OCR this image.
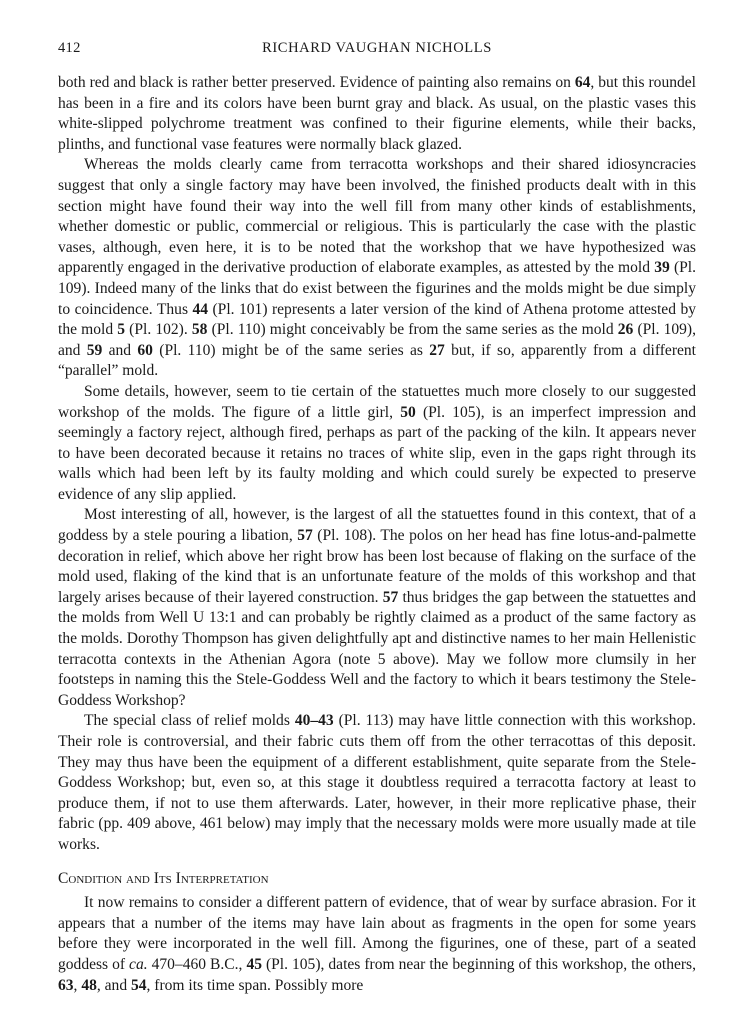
412	RICHARD VAUGHAN NICHOLLS

both red and black is rather better preserved. Evidence of painting also remains on 64, but this roundel has been in a fire and its colors have been burnt gray and black. As usual, on the plastic vases this white-slipped polychrome treatment was confined to their figurine elements, while their backs, plinths, and functional vase features were normally black glazed.

Whereas the molds clearly came from terracotta workshops and their shared idiosyncracies suggest that only a single factory may have been involved, the finished products dealt with in this section might have found their way into the well fill from many other kinds of establishments, whether domestic or public, commercial or religious. This is particularly the case with the plastic vases, although, even here, it is to be noted that the workshop that we have hypothesized was apparently engaged in the derivative production of elaborate examples, as attested by the mold 39 (Pl. 109). Indeed many of the links that do exist between the figurines and the molds might be due simply to coincidence. Thus 44 (Pl. 101) represents a later version of the kind of Athena protome attested by the mold 5 (Pl. 102). 58 (Pl. 110) might conceivably be from the same series as the mold 26 (Pl. 109), and 59 and 60 (Pl. 110) might be of the same series as 27 but, if so, apparently from a different “parallel” mold.

Some details, however, seem to tie certain of the statuettes much more closely to our suggested workshop of the molds. The figure of a little girl, 50 (Pl. 105), is an imperfect impression and seemingly a factory reject, although fired, perhaps as part of the packing of the kiln. It appears never to have been decorated because it retains no traces of white slip, even in the gaps right through its walls which had been left by its faulty molding and which could surely be expected to preserve evidence of any slip applied.

Most interesting of all, however, is the largest of all the statuettes found in this context, that of a goddess by a stele pouring a libation, 57 (Pl. 108). The polos on her head has fine lotus-and-palmette decoration in relief, which above her right brow has been lost because of flaking on the surface of the mold used, flaking of the kind that is an unfortunate feature of the molds of this workshop and that largely arises because of their layered construction. 57 thus bridges the gap between the statuettes and the molds from Well U 13:1 and can probably be rightly claimed as a product of the same factory as the molds. Dorothy Thompson has given delightfully apt and distinctive names to her main Hellenistic terracotta contexts in the Athenian Agora (note 5 above). May we follow more clumsily in her footsteps in naming this the Stele-Goddess Well and the factory to which it bears testimony the Stele-Goddess Workshop?

The special class of relief molds 40–43 (Pl. 113) may have little connection with this workshop. Their role is controversial, and their fabric cuts them off from the other terracottas of this deposit. They may thus have been the equipment of a different establishment, quite separate from the Stele-Goddess Workshop; but, even so, at this stage it doubtless required a terracotta factory at least to produce them, if not to use them afterwards. Later, however, in their more replicative phase, their fabric (pp. 409 above, 461 below) may imply that the necessary molds were more usually made at tile works.

Condition and Its Interpretation

It now remains to consider a different pattern of evidence, that of wear by surface abrasion. For it appears that a number of the items may have lain about as fragments in the open for some years before they were incorporated in the well fill. Among the figurines, one of these, part of a seated goddess of ca. 470–460 B.C., 45 (Pl. 105), dates from near the beginning of this workshop, the others, 63, 48, and 54, from its time span. Possibly more
